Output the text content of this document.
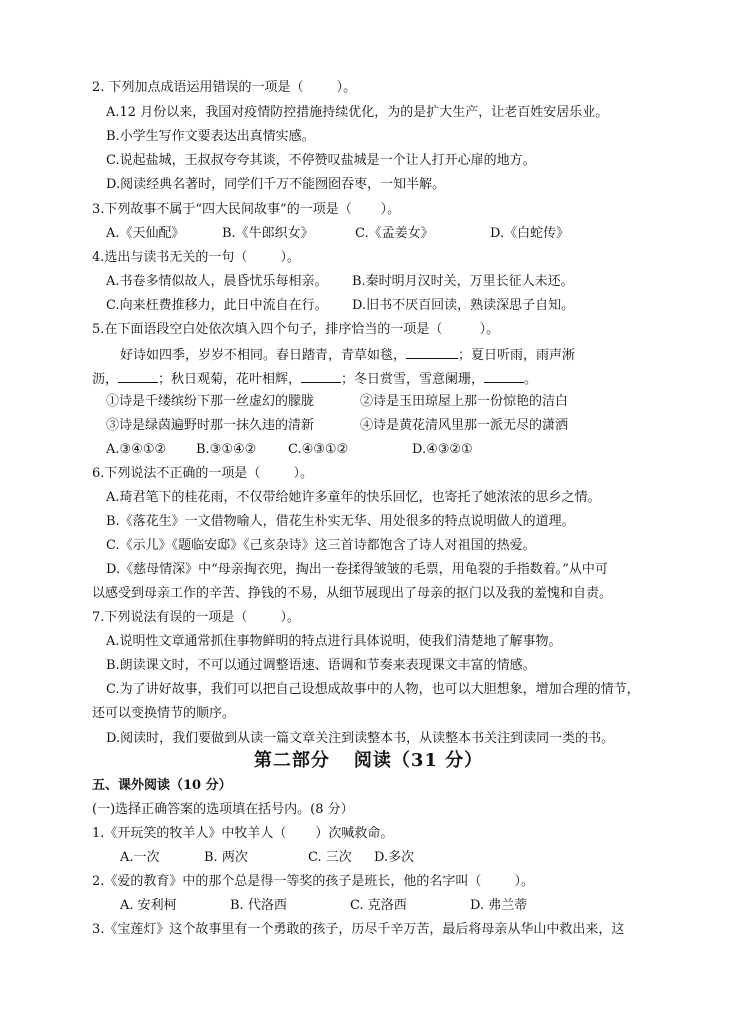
2. 下列加点成语运用错误的一项是（        ）。
A.12 月份以来，我国对疫情防控措施持续优化，为的是扩大生产，让老百姓安居乐业。
B.小学生写作文要表达出真情实感。
C.说起盐城，王叔叔夸夸其谈，不停赞叹盐城是一个让人打开心扉的地方。
D.阅读经典名著时，同学们千万不能囫囵吞枣，一知半解。
3.下列故事不属于“四大民间故事”的一项是（       ）。
A.《天仙配》	B.《牛郎织女》	C.《孟姜女》	D.《白蛇传》
4.选出与读书无关的一句（        ）。
A.书卷多情似故人，晨昏忧乐每相亲。 B.秦时明月汉时关，万里长征人未还。
C.向来枉费推移力，此日中流自在行。 D.旧书不厌百回读，熟读深思子自知。
5.在下面语段空白处依次填入四个句子，排序恰当的一项是（         ）。
好诗如四季，岁岁不相同。春日踏青，青草如毯，	；夏日听雨，雨声淅
沥，	；秋日观菊，花叶相辉，	；冬日赏雪，雪意阑珊，	。
①诗是千缕缤纷下那一丝虚幻的朦胧	②诗是玉田琼屋上那一份惊艳的洁白
③诗是绿茵遍野时那一抹久违的清新	④诗是黄花清风里那一派无尽的潇洒
A.③④①② B.③①④② C.④③①②	D.④③②①
6.下列说法不正确的一项是（        ）。
A.琦君笔下的桂花雨，不仅带给她许多童年的快乐回忆，也寄托了她浓浓的思乡之情。
B.《落花生》一文借物喻人，借花生朴实无华、用处很多的特点说明做人的道理。
C.《示儿》《题临安邸》《己亥杂诗》这三首诗都饱含了诗人对祖国的热爱。
D.《慈母情深》中“母亲掏衣兜，掏出一卷揉得皱皱的毛票，用龟裂的手指数着。”从中可
以感受到母亲工作的辛苦、挣钱的不易，从细节展现出了母亲的抠门以及我的羞愧和自责。
7.下列说法有误的一项是（        ）。
A.说明性文章通常抓住事物鲜明的特点进行具体说明，使我们清楚地了解事物。
B.朗读课文时，不可以通过调整语速、语调和节奏来表现课文丰富的情感。
C.为了讲好故事，我们可以把自己设想成故事中的人物，也可以大胆想象，增加合理的情节，
还可以变换情节的顺序。
D.阅读时，我们要做到从读一篇文章关注到读整本书，从读整本书关注到读同一类的书。
第二部分 阅读（31 分）
五、课外阅读（10 分）
(一)选择正确答案的选项填在括号内。(8 分）
1.《开玩笑的牧羊人》中牧羊人（       ）次喊救命。
A.一次	B. 两次	C. 三次 D.多次
2.《爱的教育》中的那个总是得一等奖的孩子是班长，他的名字叫（        ）。
A. 安利柯	B. 代洛西	C. 克洛西	D. 弗兰蒂
3.《宝莲灯》这个故事里有一个勇敢的孩子，历尽千辛万苦，最后将母亲从华山中救出来，这
